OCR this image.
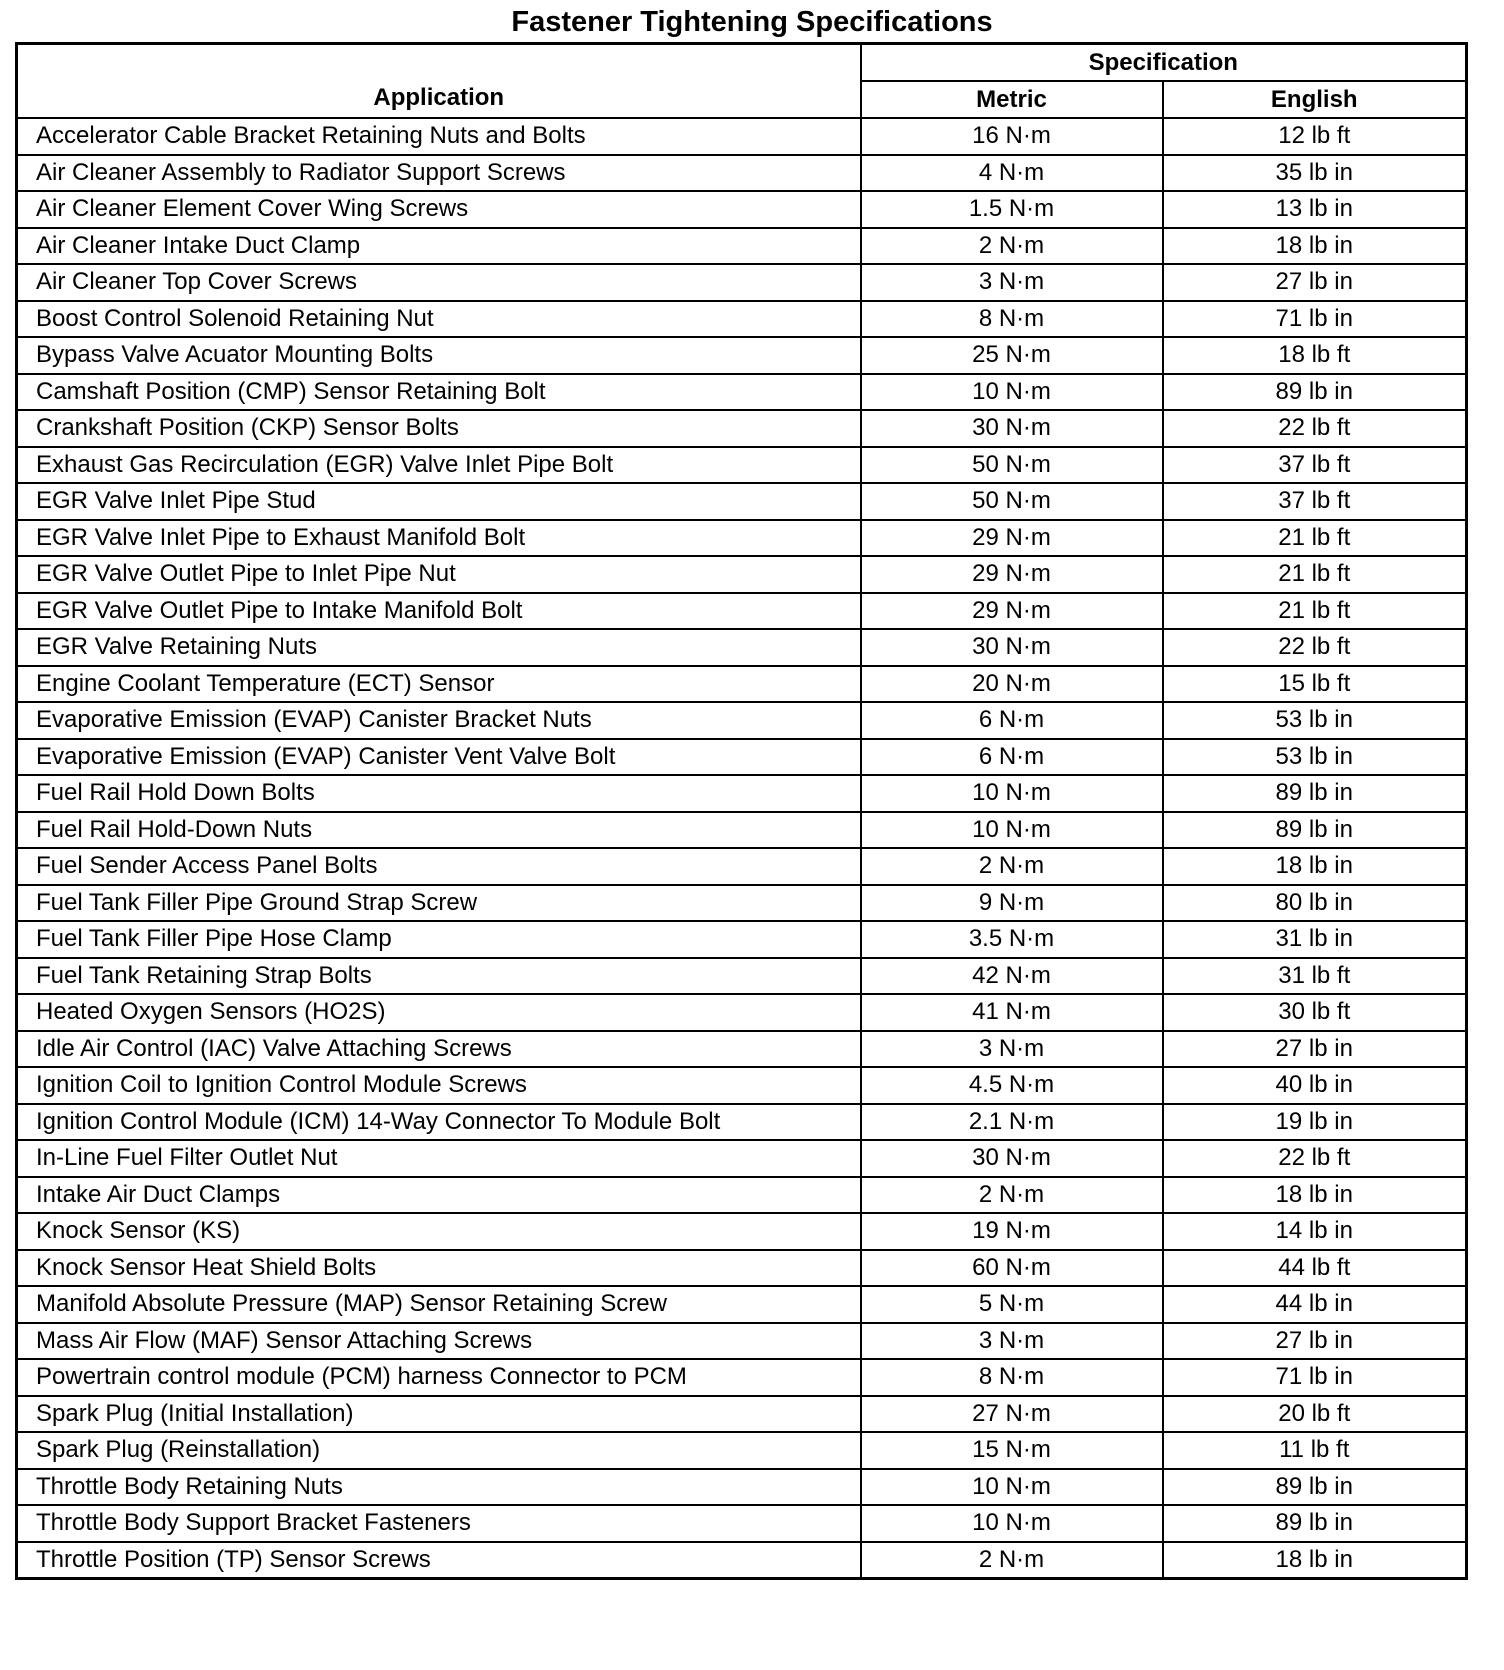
Fastener Tightening Specifications
Application	Specification	
	Metric	English
Accelerator Cable Bracket Retaining Nuts and Bolts	16 N·m	12 lb ft
Air Cleaner Assembly to Radiator Support Screws	4 N·m	35 lb in
Air Cleaner Element Cover Wing Screws	1.5 N·m	13 lb in
Air Cleaner Intake Duct Clamp	2 N·m	18 lb in
Air Cleaner Top Cover Screws	3 N·m	27 lb in
Boost Control Solenoid Retaining Nut	8 N·m	71 lb in
Bypass Valve Acuator Mounting Bolts	25 N·m	18 lb ft
Camshaft Position (CMP) Sensor Retaining Bolt	10 N·m	89 lb in
Crankshaft Position (CKP) Sensor Bolts	30 N·m	22 lb ft
Exhaust Gas Recirculation (EGR) Valve Inlet Pipe Bolt	50 N·m	37 lb ft
EGR Valve Inlet Pipe Stud	50 N·m	37 lb ft
EGR Valve Inlet Pipe to Exhaust Manifold Bolt	29 N·m	21 lb ft
EGR Valve Outlet Pipe to Inlet Pipe Nut	29 N·m	21 lb ft
EGR Valve Outlet Pipe to Intake Manifold Bolt	29 N·m	21 lb ft
EGR Valve Retaining Nuts	30 N·m	22 lb ft
Engine Coolant Temperature (ECT) Sensor	20 N·m	15 lb ft
Evaporative Emission (EVAP) Canister Bracket Nuts	6 N·m	53 lb in
Evaporative Emission (EVAP) Canister Vent Valve Bolt	6 N·m	53 lb in
Fuel Rail Hold Down Bolts	10 N·m	89 lb in
Fuel Rail Hold-Down Nuts	10 N·m	89 lb in
Fuel Sender Access Panel Bolts	2 N·m	18 lb in
Fuel Tank Filler Pipe Ground Strap Screw	9 N·m	80 lb in
Fuel Tank Filler Pipe Hose Clamp	3.5 N·m	31 lb in
Fuel Tank Retaining Strap Bolts	42 N·m	31 lb ft
Heated Oxygen Sensors (HO2S)	41 N·m	30 lb ft
Idle Air Control (IAC) Valve Attaching Screws	3 N·m	27 lb in
Ignition Coil to Ignition Control Module Screws	4.5 N·m	40 lb in
Ignition Control Module (ICM) 14-Way Connector To Module Bolt	2.1 N·m	19 lb in
In-Line Fuel Filter Outlet Nut	30 N·m	22 lb ft
Intake Air Duct Clamps	2 N·m	18 lb in
Knock Sensor (KS)	19 N·m	14 lb in
Knock Sensor Heat Shield Bolts	60 N·m	44 lb ft
Manifold Absolute Pressure (MAP) Sensor Retaining Screw	5 N·m	44 lb in
Mass Air Flow (MAF) Sensor Attaching Screws	3 N·m	27 lb in
Powertrain control module (PCM) harness Connector to PCM	8 N·m	71 lb in
Spark Plug (Initial Installation)	27 N·m	20 lb ft
Spark Plug (Reinstallation)	15 N·m	11 lb ft
Throttle Body Retaining Nuts	10 N·m	89 lb in
Throttle Body Support Bracket Fasteners	10 N·m	89 lb in
Throttle Position (TP) Sensor Screws	2 N·m	18 lb in
